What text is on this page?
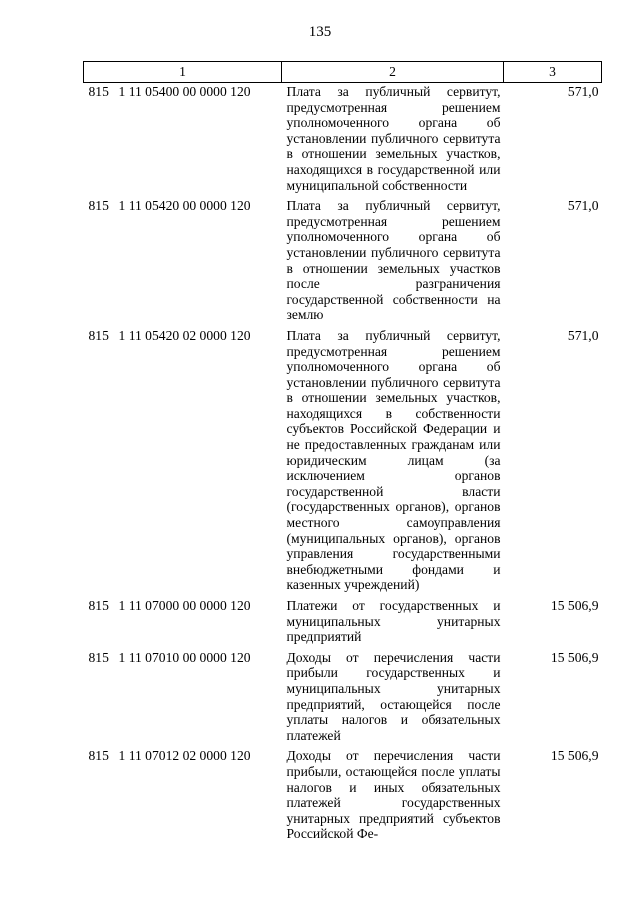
135
1	2	3
815 1 11 05400 00 0000 120	Плата за публичный сервитут, предусмотренная решением уполномоченного органа об установлении публичного сервитута в отношении земельных участков, находящихся в государственной или муниципальной собственности	571,0
815 1 11 05420 00 0000 120	Плата за публичный сервитут, предусмотренная решением уполномоченного органа об установлении публичного сервитута в отношении земельных участков после разграничения государственной собственности на землю	571,0
815 1 11 05420 02 0000 120	Плата за публичный сервитут, предусмотренная решением уполномоченного органа об установлении публичного сервитута в отношении земельных участков, находящихся в собственности субъектов Российской Федерации и не предоставленных гражданам или юридическим лицам (за исключением органов государственной власти (государственных органов), органов местного самоуправления (муниципальных органов), органов управления государственными внебюджетными фондами и казенных учреждений)	571,0
815 1 11 07000 00 0000 120	Платежи от государственных и муниципальных унитарных предприятий	15 506,9
815 1 11 07010 00 0000 120	Доходы от перечисления части прибыли государственных и муниципальных унитарных предприятий, остающейся после уплаты налогов и обязательных платежей	15 506,9
815 1 11 07012 02 0000 120	Доходы от перечисления части прибыли, остающейся после уплаты налогов и иных обязательных платежей государственных унитарных предприятий субъектов Российской Фе-	15 506,9
